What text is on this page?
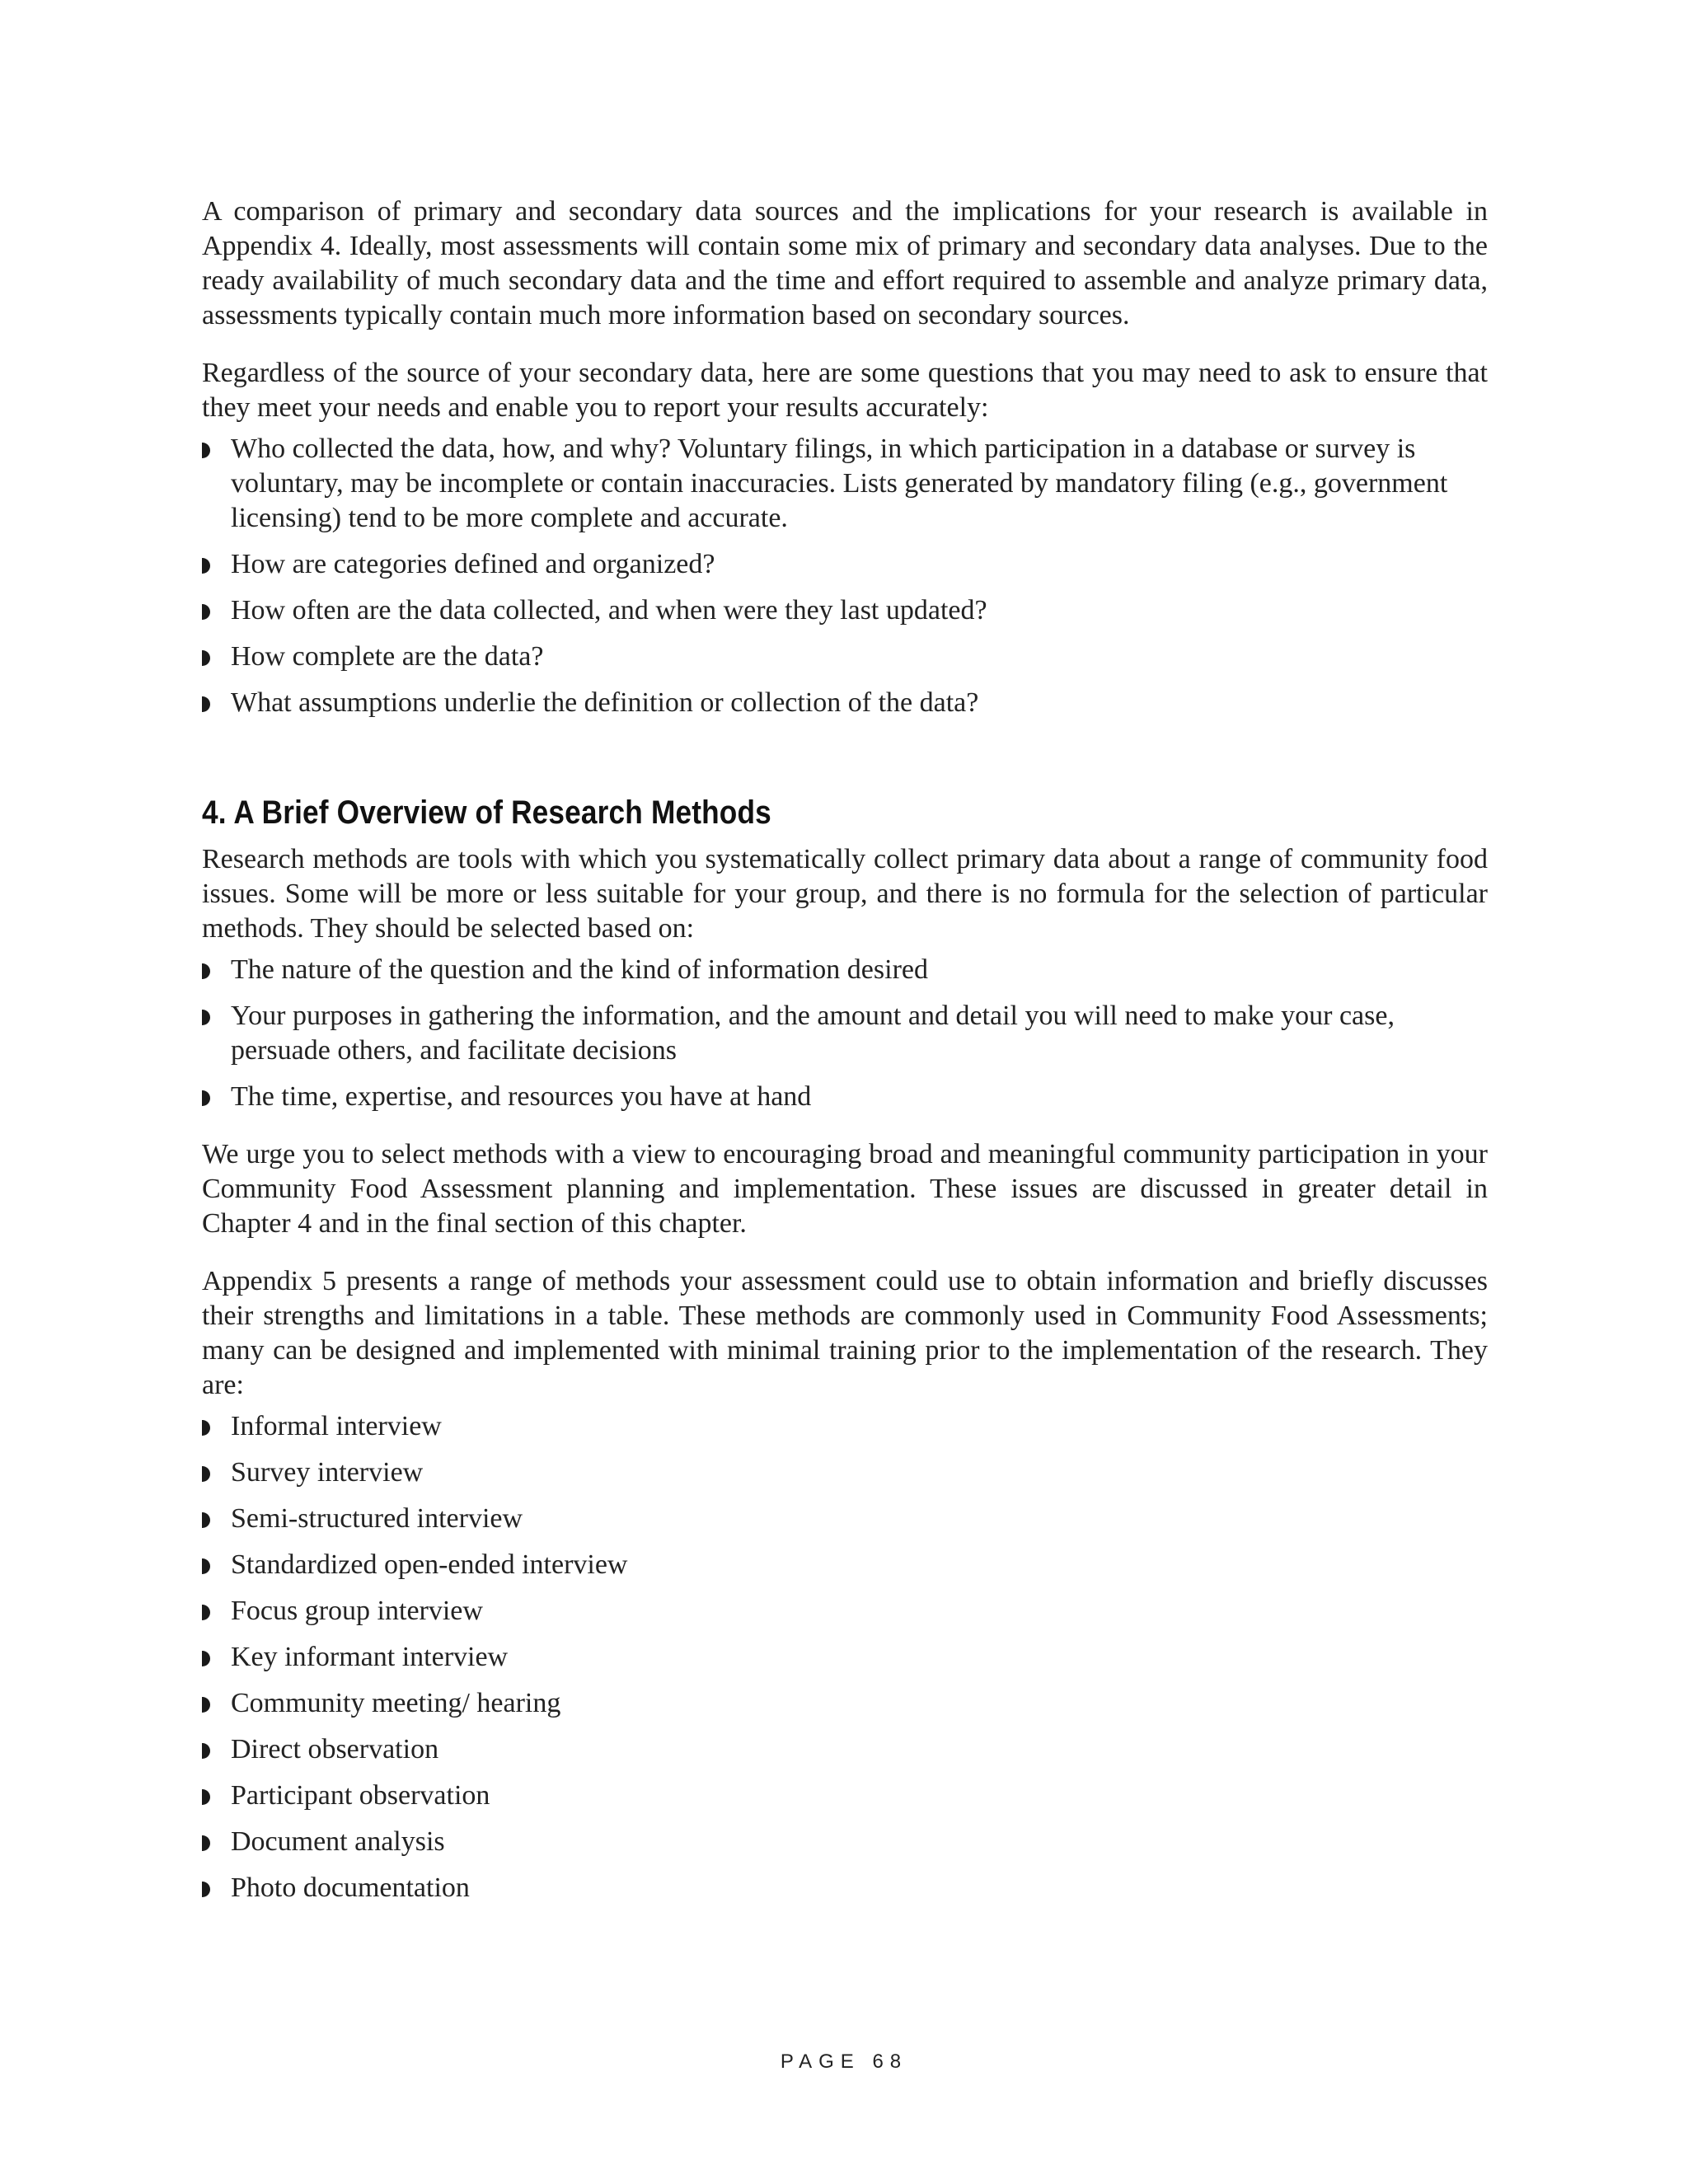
A comparison of primary and secondary data sources and the implications for your research is available in Appendix 4. Ideally, most assessments will contain some mix of primary and secondary data analyses. Due to the ready availability of much secondary data and the time and effort required to assemble and analyze primary data, assessments typically contain much more information based on secondary sources.

Regardless of the source of your secondary data, here are some questions that you may need to ask to ensure that they meet your needs and enable you to report your results accurately:

Who collected the data, how, and why? Voluntary filings, in which participation in a database or survey is voluntary, may be incomplete or contain inaccuracies. Lists generated by mandatory filing (e.g., government licensing) tend to be more complete and accurate.
How are categories defined and organized?
How often are the data collected, and when were they last updated?
How complete are the data?
What assumptions underlie the definition or collection of the data?
4. A Brief Overview of Research Methods

Research methods are tools with which you systematically collect primary data about a range of community food issues. Some will be more or less suitable for your group, and there is no formula for the selection of particular methods. They should be selected based on:

The nature of the question and the kind of information desired
Your purposes in gathering the information, and the amount and detail you will need to make your case, persuade others, and facilitate decisions
The time, expertise, and resources you have at hand

We urge you to select methods with a view to encouraging broad and meaningful community participation in your Community Food Assessment planning and implementation. These issues are discussed in greater detail in Chapter 4 and in the final section of this chapter.

Appendix 5 presents a range of methods your assessment could use to obtain information and briefly discusses their strengths and limitations in a table. These methods are commonly used in Community Food Assessments; many can be designed and implemented with minimal training prior to the implementation of the research. They are:

Informal interview
Survey interview
Semi-structured interview
Standardized open-ended interview
Focus group interview
Key informant interview
Community meeting/ hearing
Direct observation
Participant observation
Document analysis
Photo documentation
PAGE 68
